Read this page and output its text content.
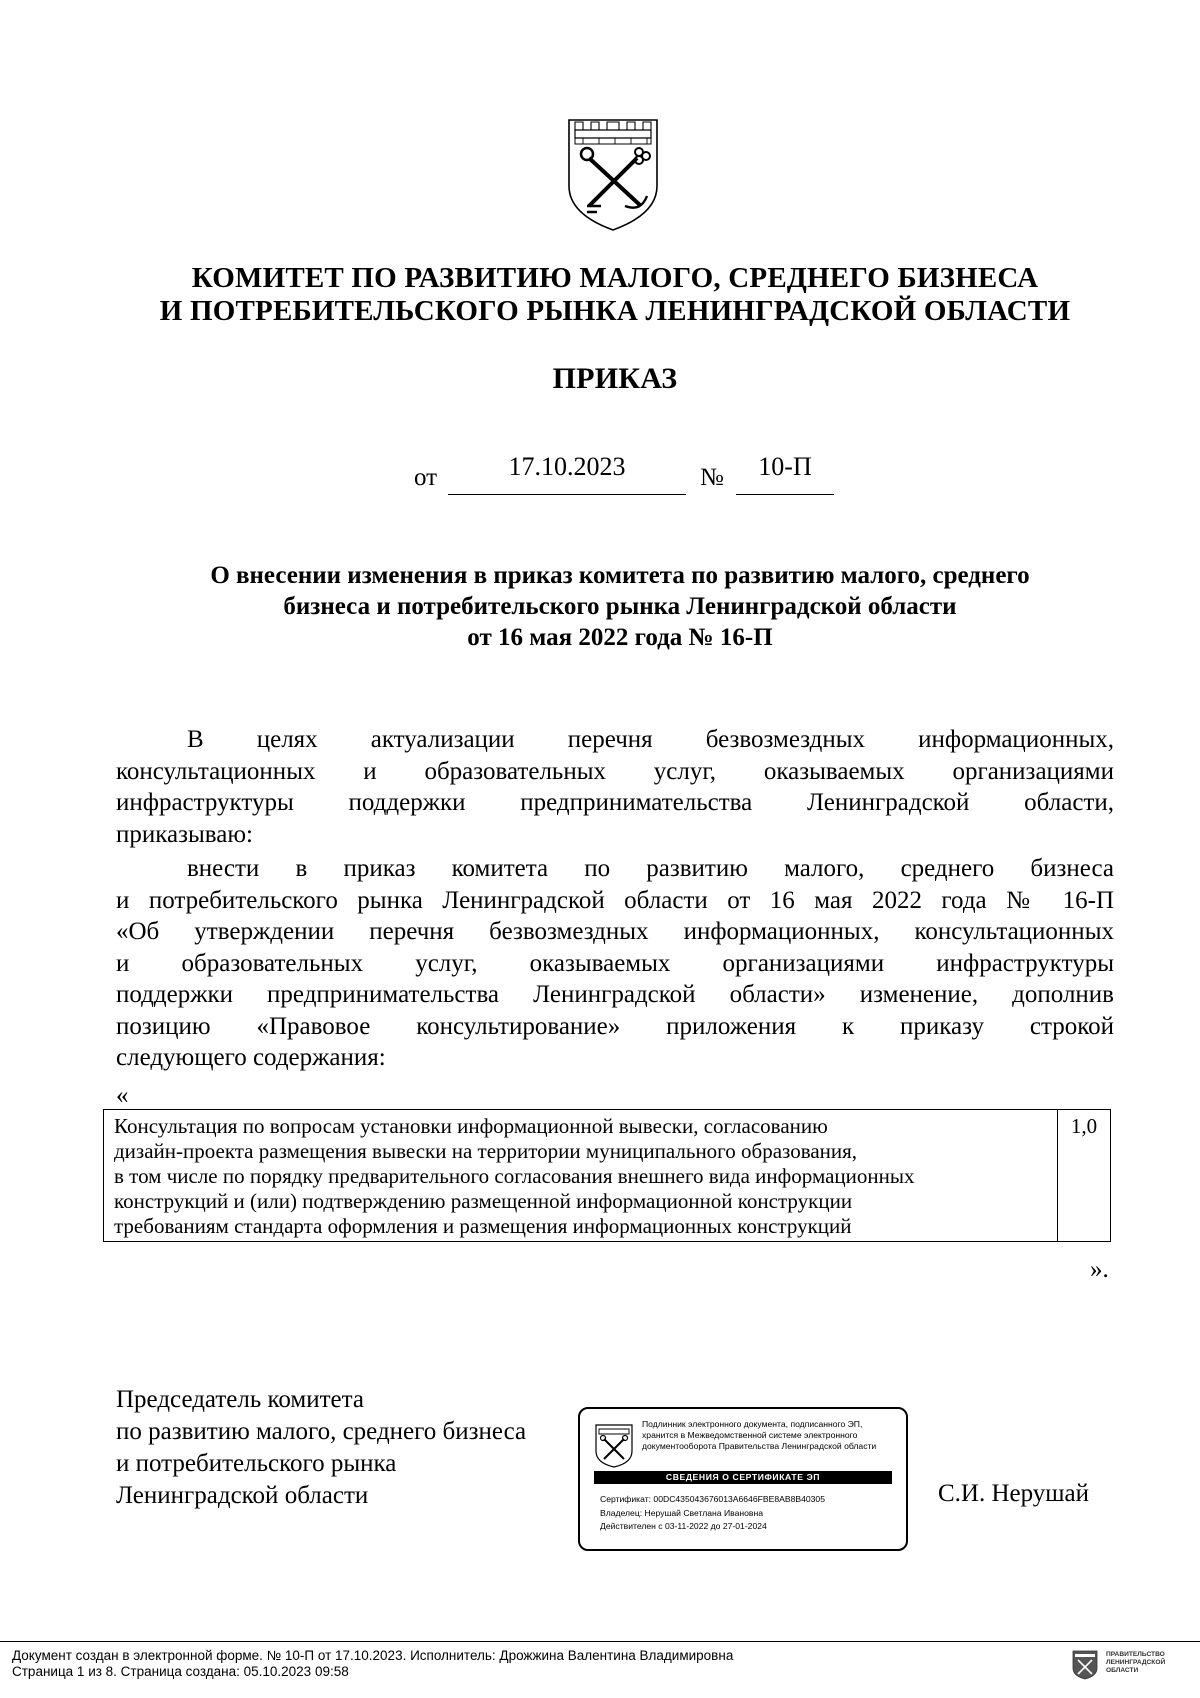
КОМИТЕТ ПО РАЗВИТИЮ МАЛОГО, СРЕДНЕГО БИЗНЕСА
И ПОТРЕБИТЕЛЬСКОГО РЫНКА ЛЕНИНГРАДСКОЙ ОБЛАСТИ
ПРИКАЗ
от	17.10.2023	№	10-П
О внесении изменения в приказ комитета по развитию малого, среднего
бизнеса и потребительского рынка Ленинградской области
от 16 мая 2022 года № 16-П
В целях актуализации перечня безвозмездных информационных,
консультационных и образовательных услуг, оказываемых организациями
инфраструктуры поддержки предпринимательства Ленинградской области,
приказываю:
внести в приказ комитета по развитию малого, среднего бизнеса
и потребительского рынка Ленинградской области от 16 мая 2022 года № 16-П
«Об утверждении перечня безвозмездных информационных, консультационных
и образовательных услуг, оказываемых организациями инфраструктуры
поддержки предпринимательства Ленинградской области» изменение, дополнив
позицию «Правовое консультирование» приложения к приказу строкой
следующего содержания:
«
Консультация по вопросам установки информационной вывески, согласованию
дизайн-проекта размещения вывески на территории муниципального образования,
в том числе по порядку предварительного согласования внешнего вида информационных
конструкций и (или) подтверждению размещенной информационной конструкции
требованиям стандарта оформления и размещения информационных конструкций
	1,0
».
Председатель комитета
по развитию малого, среднего бизнеса
и потребительского рынка
Ленинградской области
Подлинник электронного документа, подписанного ЭП,
хранится в Межведомственной системе электронного
документооборота Правительства Ленинградской области
СВЕДЕНИЯ О СЕРТИФИКАТЕ ЭП
Сертификат: 00DC435043676013A6646FBE8AB8B40305
Владелец: Нерушай Светлана Ивановна
Действителен с 03-11-2022 до 27-01-2024
С.И. Нерушай
Документ создан в электронной форме. № 10-П от 17.10.2023. Исполнитель: Дрожжина Валентина Владимировна
Страница 1 из 8. Страница создана: 05.10.2023 09:58
ПРАВИТЕЛЬСТВО
ЛЕНИНГРАДСКОЙ
ОБЛАСТИ
